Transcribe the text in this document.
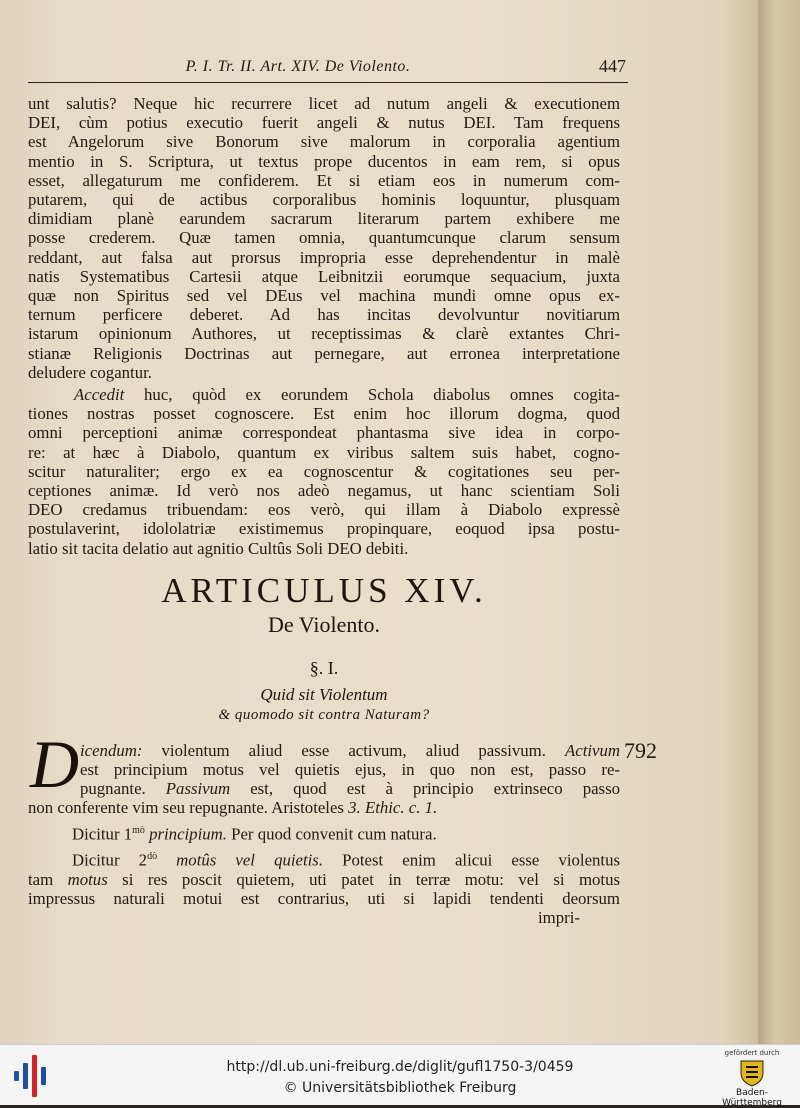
P. I. Tr. II. Art. XIV. De Violento.	447
unt salutis? Neque hic recurrere licet ad nutum angeli & executionem
DEI, cùm potius executio fuerit angeli & nutus DEI. Tam frequens
est Angelorum sive Bonorum sive malorum in corporalia agentium
mentio in S. Scriptura, ut textus prope ducentos in eam rem, si opus
esset, allegaturum me confiderem. Et si etiam eos in numerum com-
putarem, qui de actibus corporalibus hominis loquuntur, plusquam
dimidiam planè earundem sacrarum literarum partem exhibere me
posse crederem. Quæ tamen omnia, quantumcunque clarum sensum
reddant, aut falsa aut prorsus impropria esse deprehendentur in malè
natis Systematibus Cartesii atque Leibnitzii eorumque sequacium, juxta
quæ non Spiritus sed vel DEus vel machina mundi omne opus ex-
ternum perficere deberet. Ad has incitas devolvuntur novitiarum
istarum opinionum Authores, ut receptissimas & clarè extantes Chri-
stianæ Religionis Doctrinas aut pernegare, aut erronea interpretatione
deludere cogantur.
Accedit huc, quòd ex eorundem Schola diabolus omnes cogita-
tiones nostras posset cognoscere. Est enim hoc illorum dogma, quod
omni perceptioni animæ correspondeat phantasma sive idea in corpo-
re: at hæc à Diabolo, quantum ex viribus saltem suis habet, cogno-
scitur naturaliter; ergo ex ea cognoscentur & cogitationes seu per-
ceptiones animæ. Id verò nos adeò negamus, ut hanc scientiam Soli
DEO credamus tribuendam: eos verò, qui illam à Diabolo expressè
postulaverint, idololatriæ existimemus propinquare, eoquod ipsa postu-
latio sit tacita delatio aut agnitio Cultûs Soli DEO debiti.
ARTICULUS XIV.
De Violento.
§. I.
Quid sit Violentum
& quomodo sit contra Naturam?
D	792
icendum: violentum aliud esse activum, aliud passivum. Activum
est principium motus vel quietis ejus, in quo non est, passo re-
pugnante. Passivum est, quod est à principio extrinseco passo
non conferente vim seu repugnante. Aristoteles 3. Ethic. c. 1.
Dicitur $1^{mò}$ principium. Per quod convenit cum natura.
Dicitur $2^{dò}$ motûs vel quietis. Potest enim alicui esse violentus
tam motus si res poscit quietem, uti patet in terræ motu: vel si motus
impressus naturali motui est contrarius, uti si lapidi tendenti deorsum
impri-
http://dl.ub.uni-freiburg.de/diglit/gufl1750-3/0459
© Universitätsbibliothek Freiburg
gefördert durch
Baden-Württemberg
